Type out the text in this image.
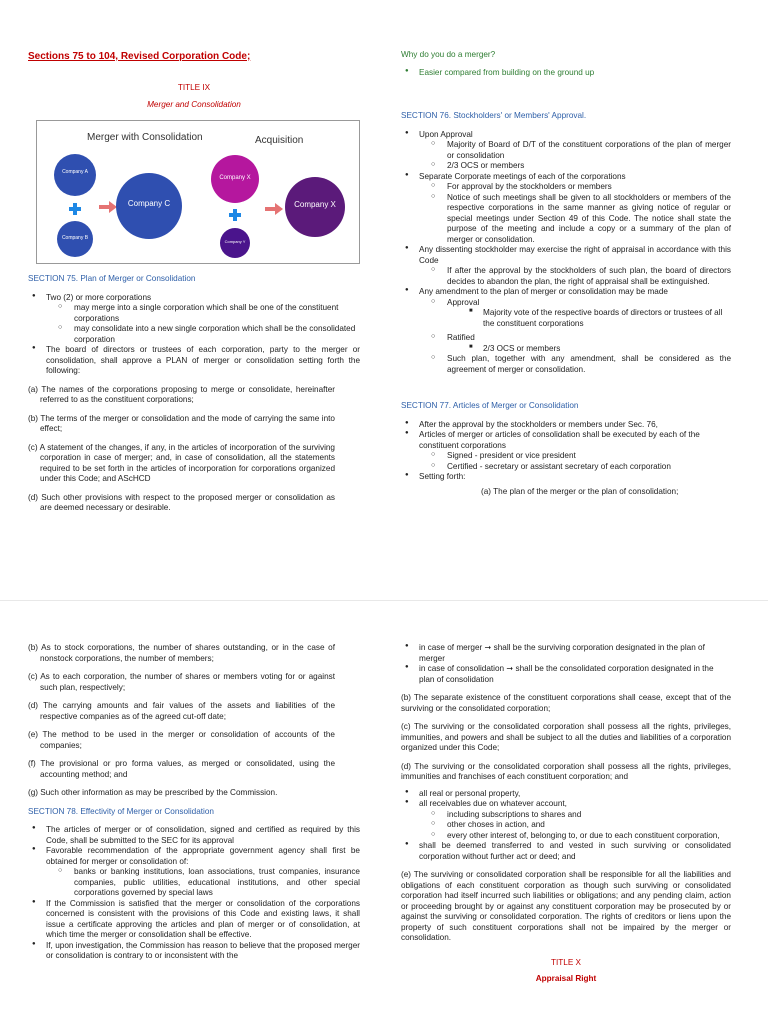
Sections 75 to 104, Revised Corporation Code;

TITLE IX

Merger and Consolidation

Merger with Consolidation	Acquisition
Company A
Company B
Company C
Company X
Company Y
Company X

SECTION 75. Plan of Merger or Consolidation

● Two (2) or more corporations
○ may merge into a single corporation which shall be one of the constituent corporations
○ may consolidate into a new single corporation which shall be the consolidated corporation
● The board of directors or trustees of each corporation, party to the merger or consolidation, shall approve a PLAN of merger or consolidation setting forth the following:

(a) The names of the corporations proposing to merge or consolidate, hereinafter referred to as the constituent corporations;

(b) The terms of the merger or consolidation and the mode of carrying the same into effect;

(c) A statement of the changes, if any, in the articles of incorporation of the surviving corporation in case of merger; and, in case of consolidation, all the statements required to be set forth in the articles of incorporation for corporations organized under this Code; and AScHCD

(d) Such other provisions with respect to the proposed merger or consolidation as are deemed necessary or desirable.

Why do you do a merger?

● Easier compared from building on the ground up

SECTION 76. Stockholders' or Members' Approval.

● Upon Approval
○ Majority of Board of D/T of the constituent corporations of the plan of merger or consolidation
○ 2/3 OCS or members
● Separate Corporate meetings of each of the corporations
○ For approval by the stockholders or members
○ Notice of such meetings shall be given to all stockholders or members of the respective corporations in the same manner as giving notice of regular or special meetings under Section 49 of this Code. The notice shall state the purpose of the meeting and include a copy or a summary of the plan of merger or consolidation.
● Any dissenting stockholder may exercise the right of appraisal in accordance with this Code
○ If after the approval by the stockholders of such plan, the board of directors decides to abandon the plan, the right of appraisal shall be extinguished.
● Any amendment to the plan of merger or consolidation may be made
○ Approval
■ Majority vote of the respective boards of directors or trustees of all the constituent corporations
○ Ratified
■ 2/3 OCS or members
○ Such plan, together with any amendment, shall be considered as the agreement of merger or consolidation.

SECTION 77. Articles of Merger or Consolidation

● After the approval by the stockholders or members under Sec. 76,
● Articles of merger or articles of consolidation shall be executed by each of the constituent corporations
○ Signed - president or vice president
○ Certified - secretary or assistant secretary of each corporation
● Setting forth:

(a) The plan of the merger or the plan of consolidation;

(b) As to stock corporations, the number of shares outstanding, or in the case of nonstock corporations, the number of members;

(c) As to each corporation, the number of shares or members voting for or against such plan, respectively;

(d) The carrying amounts and fair values of the assets and liabilities of the respective companies as of the agreed cut-off date;

(e) The method to be used in the merger or consolidation of accounts of the companies;

(f) The provisional or pro forma values, as merged or consolidated, using the accounting method; and

(g) Such other information as may be prescribed by the Commission.

SECTION 78. Effectivity of Merger or Consolidation

● The articles of merger or of consolidation, signed and certified as required by this Code, shall be submitted to the SEC for its approval
● Favorable recommendation of the appropriate government agency shall first be obtained for merger or consolidation of:
○ banks or banking institutions, loan associations, trust companies, insurance companies, public utilities, educational institutions, and other special corporations governed by special laws
● If the Commission is satisfied that the merger or consolidation of the corporations concerned is consistent with the provisions of this Code and existing laws, it shall issue a certificate approving the articles and plan of merger or of consolidation, at which time the merger or consolidation shall be effective.
● If, upon investigation, the Commission has reason to believe that the proposed merger or consolidation is contrary to or inconsistent with the
● in case of merger ➞ shall be the surviving corporation designated in the plan of merger
● in case of consolidation ➞ shall be the consolidated corporation designated in the plan of consolidation

(b) The separate existence of the constituent corporations shall cease, except that of the surviving or the consolidated corporation;

(c) The surviving or the consolidated corporation shall possess all the rights, privileges, immunities, and powers and shall be subject to all the duties and liabilities of a corporation organized under this Code;

(d) The surviving or the consolidated corporation shall possess all the rights, privileges, immunities and franchises of each constituent corporation; and

● all real or personal property,
● all receivables due on whatever account,
○ including subscriptions to shares and
○ other choses in action, and
○ every other interest of, belonging to, or due to each constituent corporation,
● shall be deemed transferred to and vested in such surviving or consolidated corporation without further act or deed; and

(e) The surviving or consolidated corporation shall be responsible for all the liabilities and obligations of each constituent corporation as though such surviving or consolidated corporation had itself incurred such liabilities or obligations; and any pending claim, action or proceeding brought by or against any constituent corporation may be prosecuted by or against the surviving or consolidated corporation. The rights of creditors or liens upon the property of such constituent corporations shall not be impaired by the merger or consolidation.

TITLE X

Appraisal Right
